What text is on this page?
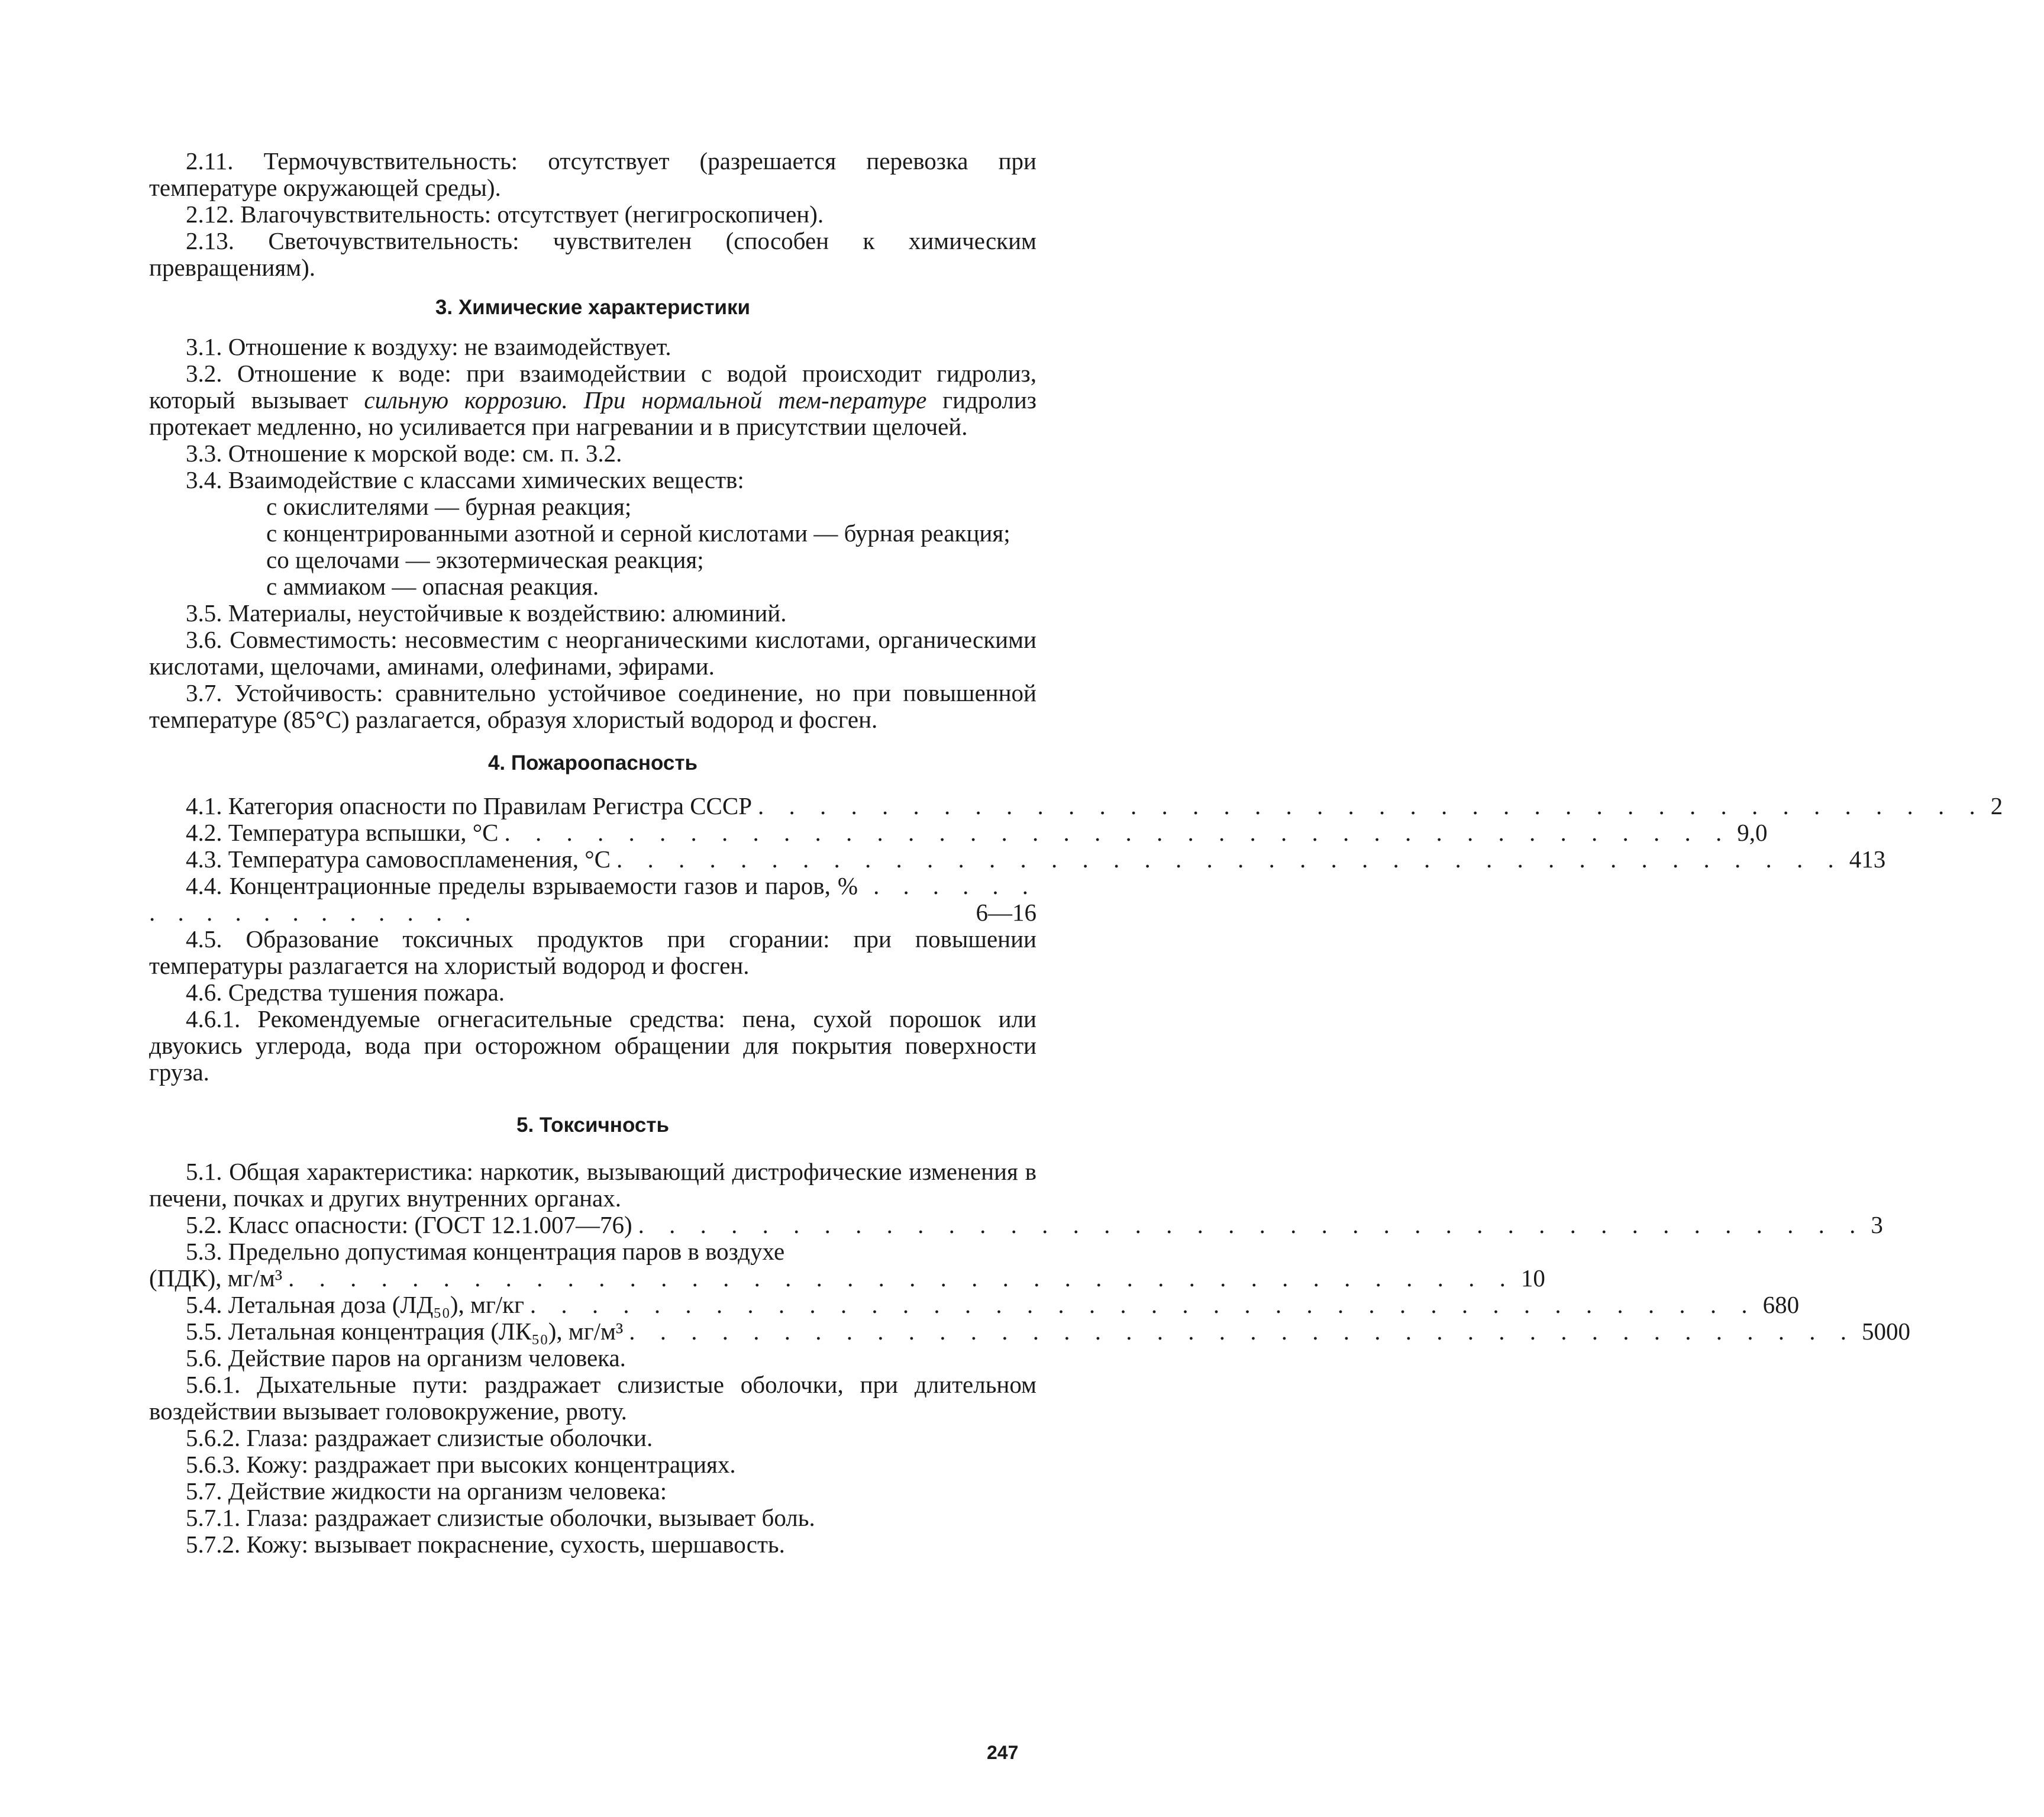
2.11. Термочувствительность: отсутствует (разрешается перевозка при температуре окружающей среды).

2.12. Влагочувствительность: отсутствует (негигроскопичен).

2.13. Светочувствительность: чувствителен (способен к химическим превращениям).

3. Химические характеристики

3.1. Отношение к воздуху: не взаимодействует.

3.2. Отношение к воде: при взаимодействии с водой происходит гидролиз, который вызывает сильную коррозию. При нормальной тем-пературе гидролиз протекает медленно, но усиливается при нагревании и в присутствии щелочей.

3.3. Отношение к морской воде: см. п. 3.2.

3.4. Взаимодействие с классами химических веществ:

с окислителями — бурная реакция;

с концентрированными азотной и серной кислотами — бурная реакция;

со щелочами — экзотермическая реакция;

с аммиаком — опасная реакция.

3.5. Материалы, неустойчивые к воздействию: алюминий.

3.6. Совместимость: несовместим с неорганическими кислотами, органическими кислотами, щелочами, аминами, олефинами, эфирами.

3.7. Устойчивость: сравнительно устойчивое соединение, но при повышенной температуре (85°С) разлагается, образуя хлористый водород и фосген.

4. Пожароопасность
4.1. Категория опасности по Правилам Регистра СССР . . . . . . . . . . . . . . . . . . . . . . . . . . . . . . . . . . . . . . . . 2
4.2. Температура вспышки, °С . . . . . . . . . . . . . . . . . . . . . . . . . . . . . . . . . . . . . . . . 9,0
4.3. Температура самовоспламенения, °С . . . . . . . . . . . . . . . . . . . . . . . . . . . . . . . . . . . . . . . . 413

4.4. Концентрационные пределы взрываемости газов и паров, % . . . . . . . . . . . . . . . . . .	6—16

4.5. Образование токсичных продуктов при сгорании: при повышении температуры разлагается на хлористый водород и фосген.

4.6. Средства тушения пожара.

4.6.1. Рекомендуемые огнегасительные средства: пена, сухой порошок или двуокись углерода, вода при осторожном обращении для покрытия поверхности груза.

5. Токсичность

5.1. Общая характеристика: наркотик, вызывающий дистрофические изменения в печени, почках и других внутренних органах.

5.2. Класс опасности: (ГОСТ 12.1.007—76) . . . . . . . . . . . . . . . . . . . . . . . . . . . . . . . . . . . . . . . . 3

5.3. Предельно допустимая концентрация паров в воздухе

(ПДК), мг/м³ . . . . . . . . . . . . . . . . . . . . . . . . . . . . . . . . . . . . . . . . 10
5.4. Летальная доза (ЛД₅₀), мг/кг . . . . . . . . . . . . . . . . . . . . . . . . . . . . . . . . . . . . . . . . 680
5.5. Летальная концентрация (ЛК₅₀), мг/м³ . . . . . . . . . . . . . . . . . . . . . . . . . . . . . . . . . . . . . . . . 5000

5.6. Действие паров на организм человека.

5.6.1. Дыхательные пути: раздражает слизистые оболочки, при длительном воздействии вызывает головокружение, рвоту.

5.6.2. Глаза: раздражает слизистые оболочки.

5.6.3. Кожу: раздражает при высоких концентрациях.

5.7. Действие жидкости на организм человека:

5.7.1. Глаза: раздражает слизистые оболочки, вызывает боль.

5.7.2. Кожу: вызывает покраснение, сухость, шершавость.

247
